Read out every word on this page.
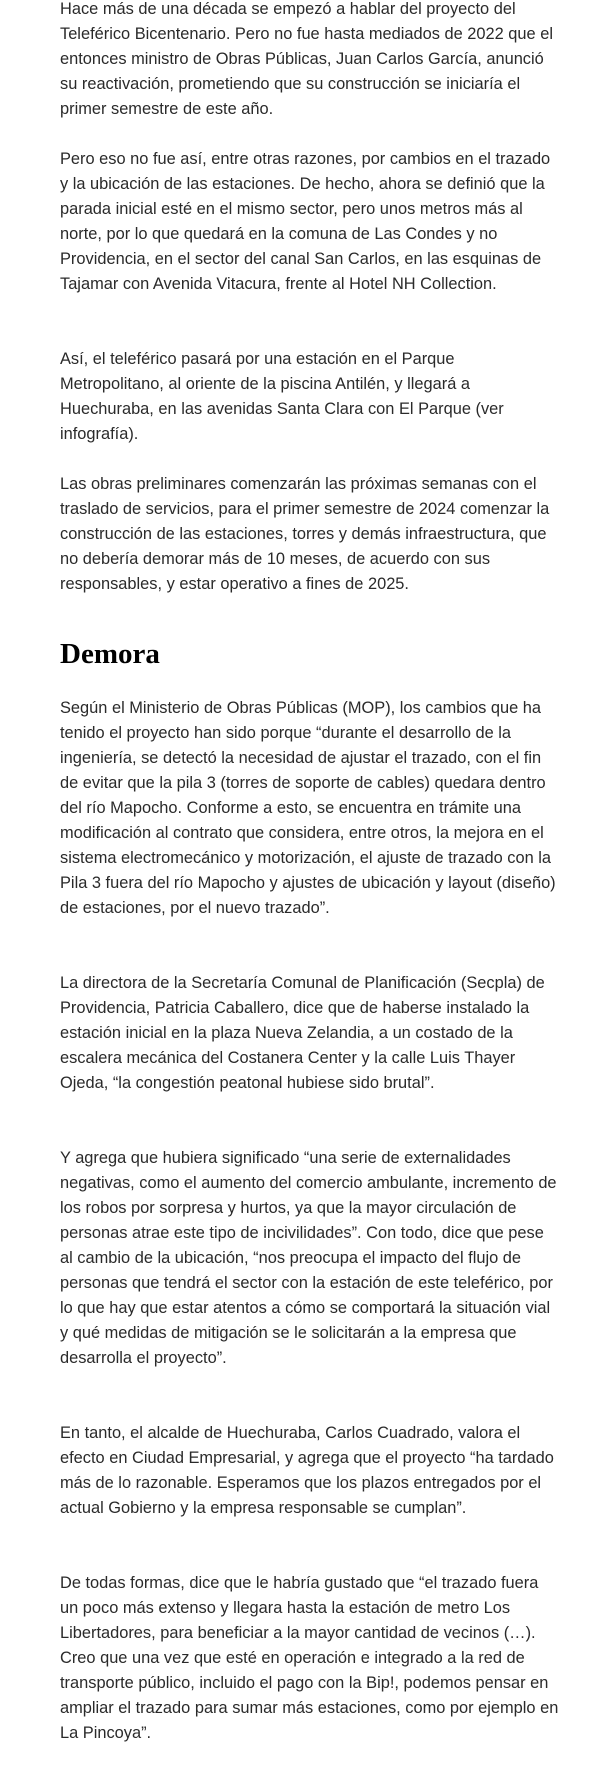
Hace más de una década se empezó a hablar del proyecto del Teleférico Bicentenario. Pero no fue hasta mediados de 2022 que el entonces ministro de Obras Públicas, Juan Carlos García, anunció su reactivación, prometiendo que su construcción se iniciaría el primer semestre de este año.

Pero eso no fue así, entre otras razones, por cambios en el trazado y la ubicación de las estaciones. De hecho, ahora se definió que la parada inicial esté en el mismo sector, pero unos metros más al norte, por lo que quedará en la comuna de Las Condes y no Providencia, en el sector del canal San Carlos, en las esquinas de Tajamar con Avenida Vitacura, frente al Hotel NH Collection.

Así, el teleférico pasará por una estación en el Parque Metropolitano, al oriente de la piscina Antilén, y llegará a Huechuraba, en las avenidas Santa Clara con El Parque (ver infografía).

Las obras preliminares comenzarán las próximas semanas con el traslado de servicios, para el primer semestre de 2024 comenzar la construcción de las estaciones, torres y demás infraestructura, que no debería demorar más de 10 meses, de acuerdo con sus responsables, y estar operativo a fines de 2025.

Demora

Según el Ministerio de Obras Públicas (MOP), los cambios que ha tenido el proyecto han sido porque “durante el desarrollo de la ingeniería, se detectó la necesidad de ajustar el trazado, con el fin de evitar que la pila 3 (torres de soporte de cables) quedara dentro del río Mapocho. Conforme a esto, se encuentra en trámite una modificación al contrato que considera, entre otros, la mejora en el sistema electromecánico y motorización, el ajuste de trazado con la Pila 3 fuera del río Mapocho y ajustes de ubicación y layout (diseño) de estaciones, por el nuevo trazado”.

La directora de la Secretaría Comunal de Planificación (Secpla) de Providencia, Patricia Caballero, dice que de haberse instalado la estación inicial en la plaza Nueva Zelandia, a un costado de la escalera mecánica del Costanera Center y la calle Luis Thayer Ojeda, “la congestión peatonal hubiese sido brutal”.

Y agrega que hubiera significado “una serie de externalidades negativas, como el aumento del comercio ambulante, incremento de los robos por sorpresa y hurtos, ya que la mayor circulación de personas atrae este tipo de incivilidades”. Con todo, dice que pese al cambio de la ubicación, “nos preocupa el impacto del flujo de personas que tendrá el sector con la estación de este teleférico, por lo que hay que estar atentos a cómo se comportará la situación vial y qué medidas de mitigación se le solicitarán a la empresa que desarrolla el proyecto”.

En tanto, el alcalde de Huechuraba, Carlos Cuadrado, valora el efecto en Ciudad Empresarial, y agrega que el proyecto “ha tardado más de lo razonable. Esperamos que los plazos entregados por el actual Gobierno y la empresa responsable se cumplan”.

De todas formas, dice que le habría gustado que “el trazado fuera un poco más extenso y llegara hasta la estación de metro Los Libertadores, para beneficiar a la mayor cantidad de vecinos (…). Creo que una vez que esté en operación e integrado a la red de transporte público, incluido el pago con la Bip!, podemos pensar en ampliar el trazado para sumar más estaciones, como por ejemplo en La Pincoya”.
